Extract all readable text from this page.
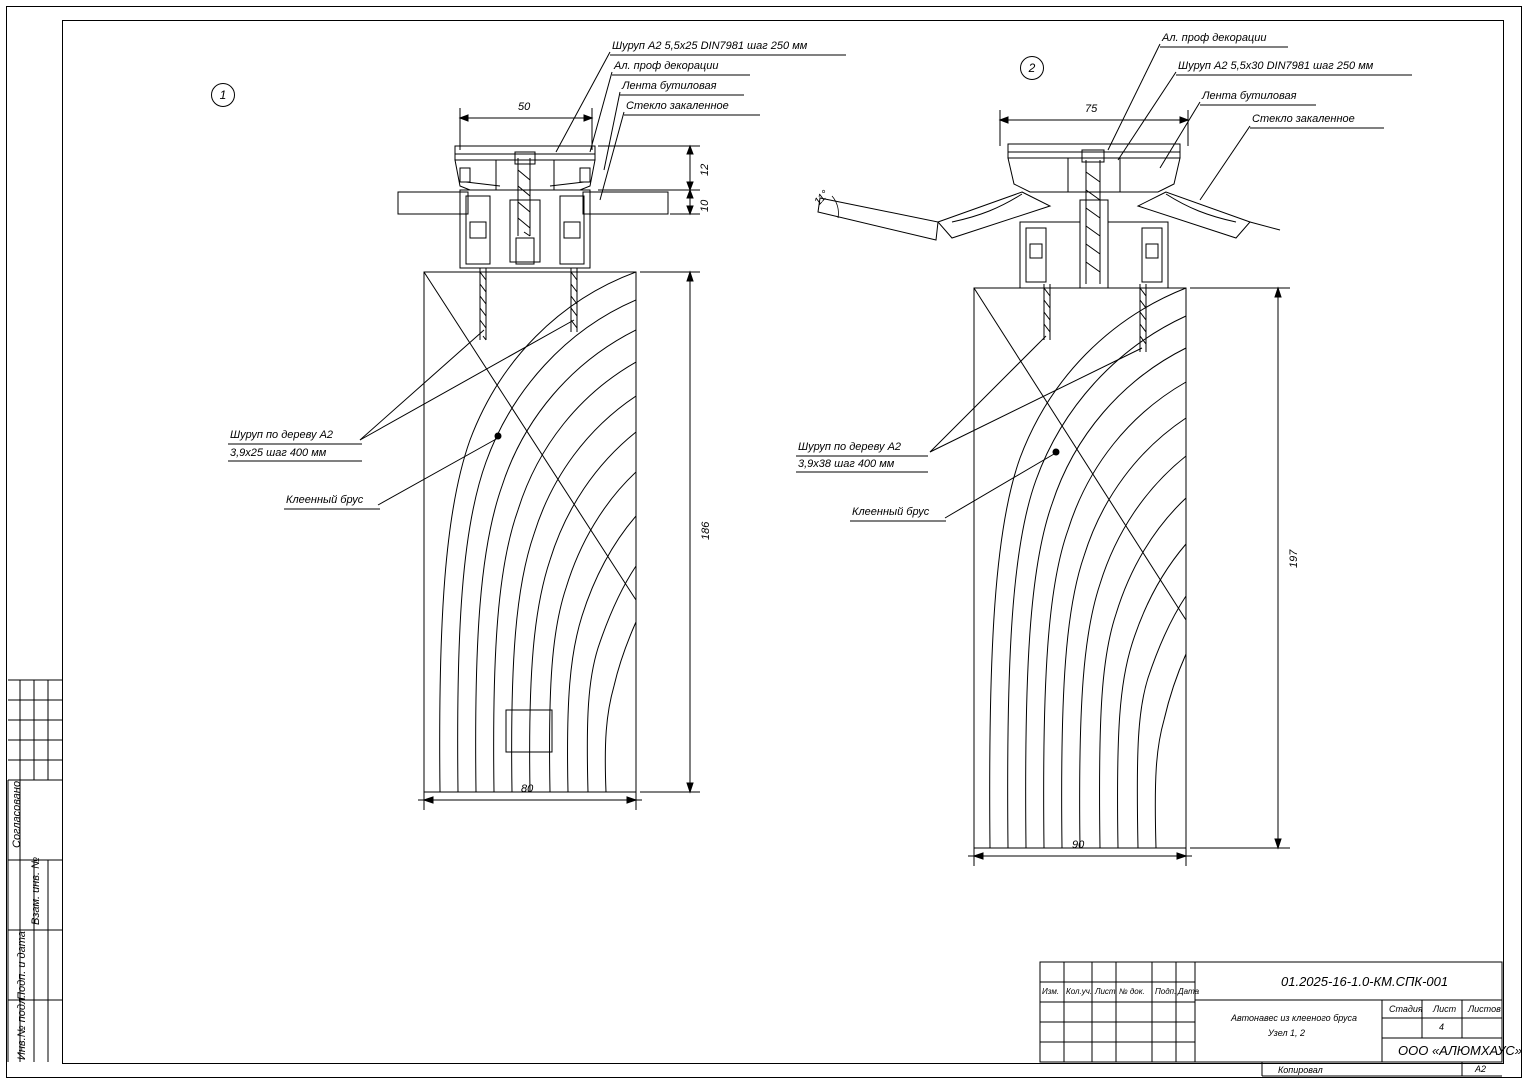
1
2
Шуруп A2 5,5x25 DIN7981 шаг 250 мм
Ал. проф декорации
Лента бутиловая
Стекло закаленное
Шуруп по дереву A2
3,9х25 шаг 400 мм
Клеенный брус
50
12
10
186
80
Ал. проф декорации
Шуруп A2 5,5x30 DIN7981 шаг 250 мм
Лента бутиловая
Стекло закаленное
11°
Шуруп по дереву A2
3,9х38 шаг 400 мм
Клеенный брус
75
197
90
Согласовано
Взам. инв. №
Подп. и дата
Инв.№ подл.
01.2025-16-1.0-КМ.СПК-001
Изм. Кол.уч. Лист № док. Подп. Дата
Автонавес из клееного бруса
Узел 1, 2
Стадия Лист Листов
4
ООО «АЛЮМХАУС»
Копировал	A2
